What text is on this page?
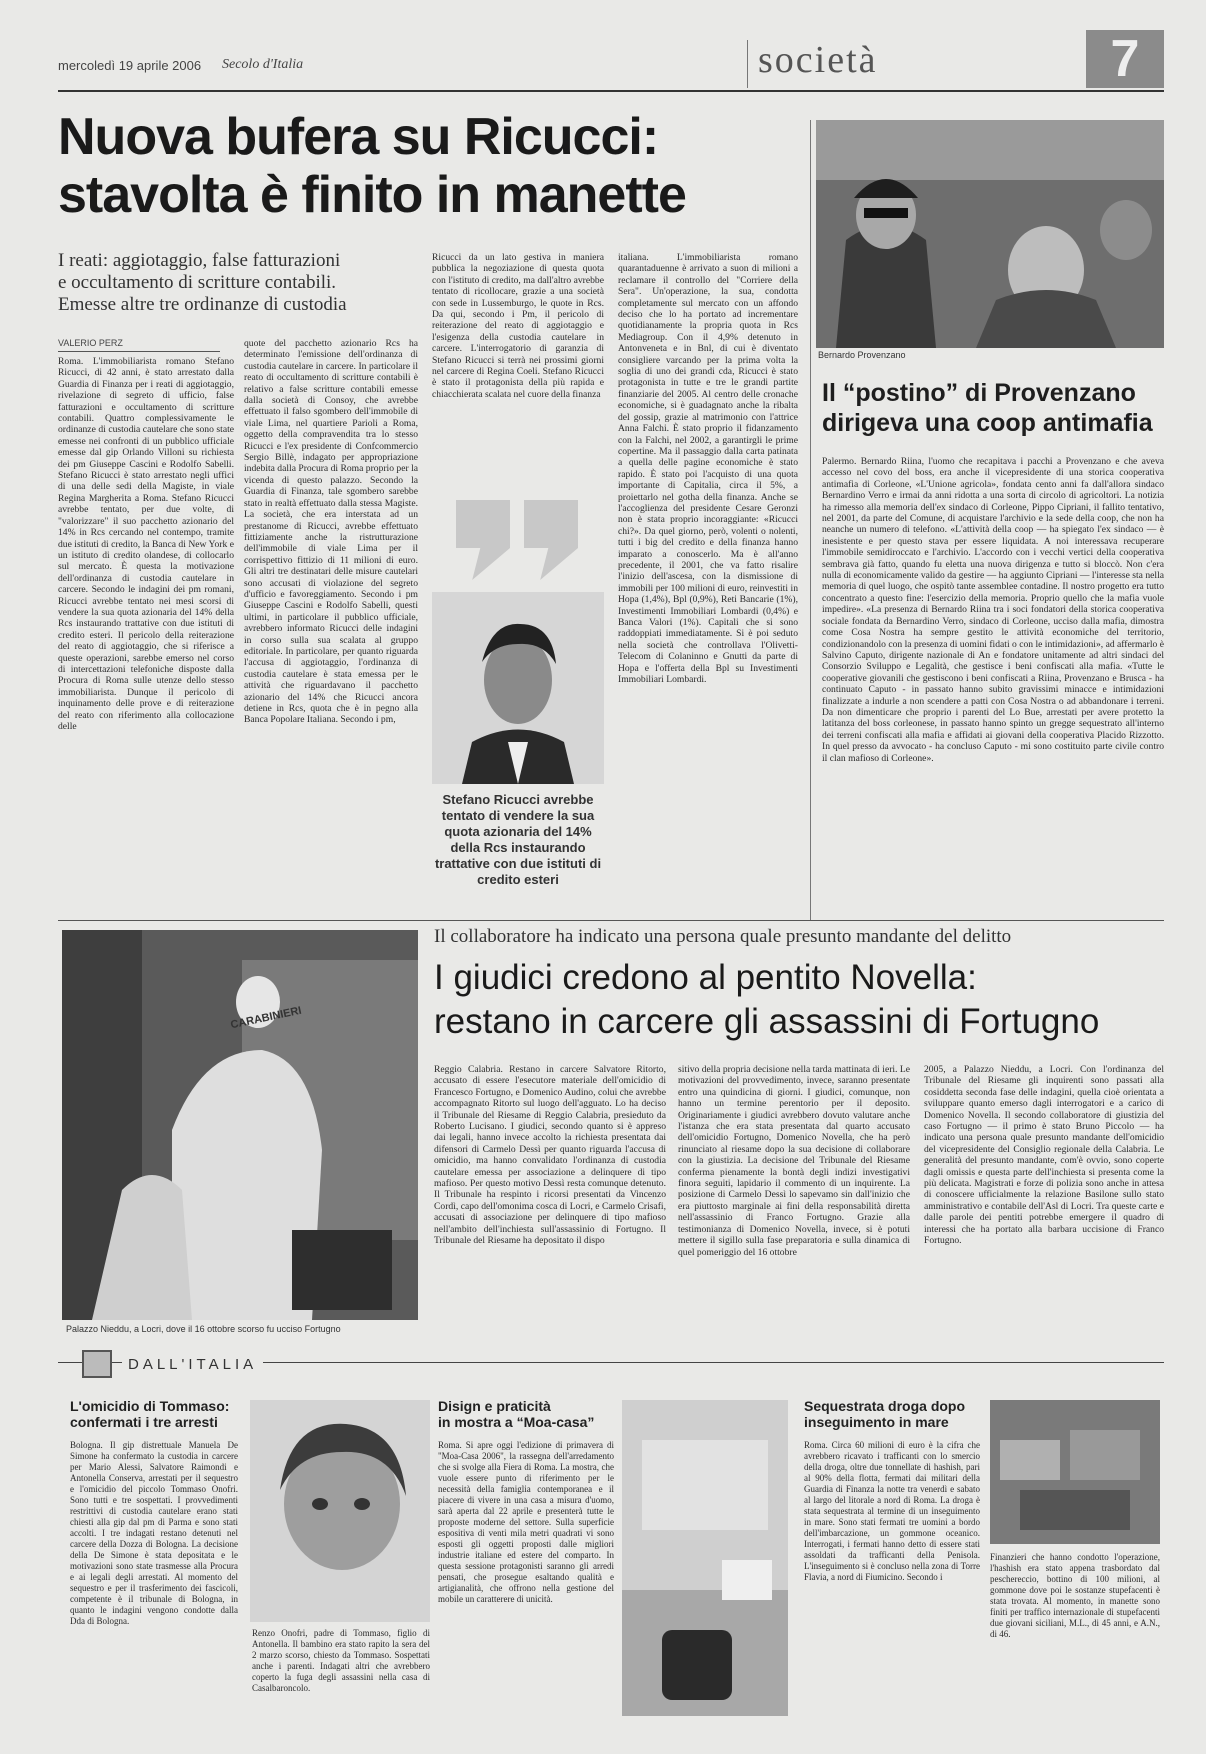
mercoledì 19 aprile 2006 Secolo d'Italia	società	7
Nuova bufera su Ricucci:
stavolta è finito in manette
I reati: aggiotaggio, false fatturazioni
e occultamento di scritture contabili.
Emesse altre tre ordinanze di custodia
VALERIO PERZ
Roma. L'immobiliarista romano Stefano Ricucci, di 42 anni, è stato arrestato dalla Guardia di Finanza per i reati di aggiotaggio, rivelazione di segreto di ufficio, false fatturazioni e occultamento di scritture contabili. Quattro complessivamente le ordinanze di custodia cautelare che sono state emesse nei confronti di un pubblico ufficiale emesse dal gip Orlando Villoni su richiesta dei pm Giuseppe Cascini e Rodolfo Sabelli. Stefano Ricucci è stato arrestato negli uffici di una delle sedi della Magiste, in viale Regina Margherita a Roma. Stefano Ricucci avrebbe tentato, per due volte, di "valorizzare" il suo pacchetto azionario del 14% in Rcs cercando nel contempo, tramite due istituti di credito, la Banca di New York e un istituto di credito olandese, di collocarlo sul mercato. È questa la motivazione dell'ordinanza di custodia cautelare in carcere. Secondo le indagini dei pm romani, Ricucci avrebbe tentato nei mesi scorsi di vendere la sua quota azionaria del 14% della Rcs instaurando trattative con due istituti di credito esteri. Il pericolo della reiterazione del reato di aggiotaggio, che si riferisce a queste operazioni, sarebbe emerso nel corso di intercettazioni telefoniche disposte dalla Procura di Roma sulle utenze dello stesso immobiliarista. Dunque il pericolo di inquinamento delle prove e di reiterazione del reato con riferimento alla collocazione delle
quote del pacchetto azionario Rcs ha determinato l'emissione dell'ordinanza di custodia cautelare in carcere. In particolare il reato di occultamento di scritture contabili è relativo a false scritture contabili emesse dalla società di Consoy, che avrebbe effettuato il falso sgombero dell'immobile di viale Lima, nel quartiere Parioli a Roma, oggetto della compravendita tra lo stesso Ricucci e l'ex presidente di Confcommercio Sergio Billè, indagato per appropriazione indebita dalla Procura di Roma proprio per la vicenda di questo palazzo. Secondo la Guardia di Finanza, tale sgombero sarebbe stato in realtà effettuato dalla stessa Magiste. La società, che era interstata ad un prestanome di Ricucci, avrebbe effettuato fittiziamente anche la ristrutturazione dell'immobile di viale Lima per il corrispettivo fittizio di 11 milioni di euro. Gli altri tre destinatari delle misure cautelari sono accusati di violazione del segreto d'ufficio e favoreggiamento. Secondo i pm Giuseppe Cascini e Rodolfo Sabelli, questi ultimi, in particolare il pubblico ufficiale, avrebbero informato Ricucci delle indagini in corso sulla sua scalata al gruppo editoriale. In particolare, per quanto riguarda l'accusa di aggiotaggio, l'ordinanza di custodia cautelare è stata emessa per le attività che riguardavano il pacchetto azionario del 14% che Ricucci ancora detiene in Rcs, quota che è in pegno alla Banca Popolare Italiana. Secondo i pm,
Ricucci da un lato gestiva in maniera pubblica la negoziazione di questa quota con l'istituto di credito, ma dall'altro avrebbe tentato di ricollocare, grazie a una società con sede in Lussemburgo, le quote in Rcs. Da qui, secondo i Pm, il pericolo di reiterazione del reato di aggiotaggio e l'esigenza della custodia cautelare in carcere. L'interrogatorio di garanzia di Stefano Ricucci si terrà nei prossimi giorni nel carcere di Regina Coeli. Stefano Ricucci è stato il protagonista della più rapida e chiacchierata scalata nel cuore della finanza
italiana. L'immobiliarista romano quarantaduenne è arrivato a suon di milioni a reclamare il controllo del "Corriere della Sera". Un'operazione, la sua, condotta completamente sul mercato con un affondo deciso che lo ha portato ad incrementare quotidianamente la propria quota in Rcs Mediagroup. Con il 4,9% detenuto in Antonveneta e in Bnl, di cui è diventato consigliere varcando per la prima volta la soglia di uno dei grandi cda, Ricucci è stato protagonista in tutte e tre le grandi partite finanziarie del 2005. Al centro delle cronache economiche, si è guadagnato anche la ribalta del gossip, grazie al matrimonio con l'attrice Anna Falchi. È stato proprio il fidanzamento con la Falchi, nel 2002, a garantirgli le prime copertine. Ma il passaggio dalla carta patinata a quella delle pagine economiche è stato rapido. È stato poi l'acquisto di una quota importante di Capitalia, circa il 5%, a proiettarlo nel gotha della finanza. Anche se l'accoglienza del presidente Cesare Geronzi non è stata proprio incoraggiante: «Ricucci chi?». Da quel giorno, però, volenti o nolenti, tutti i big del credito e della finanza hanno imparato a conoscerlo. Ma è all'anno precedente, il 2001, che va fatto risalire l'inizio dell'ascesa, con la dismissione di immobili per 100 milioni di euro, reinvestiti in Hopa (1,4%), Bpl (0,9%), Reti Bancarie (1%), Investimenti Immobiliari Lombardi (0,4%) e Banca Valori (1%). Capitali che si sono raddoppiati immediatamente. Si è poi seduto nella società che controllava l'Olivetti-Telecom di Colaninno e Gnutti da parte di Hopa e l'offerta della Bpl su Investimenti Immobiliari Lombardi.
Stefano Ricucci avrebbe tentato di vendere la sua quota azionaria del 14% della Rcs instaurando trattative con due istituti di credito esteri
Bernardo Provenzano
Il “postino” di Provenzano
dirigeva una coop antimafia
Palermo. Bernardo Riina, l'uomo che recapitava i pacchi a Provenzano e che aveva accesso nel covo del boss, era anche il vicepresidente di una storica cooperativa antimafia di Corleone, «L'Unione agricola», fondata cento anni fa dall'allora sindaco Bernardino Verro e irmai da anni ridotta a una sorta di circolo di agricoltori. La notizia ha rimesso alla memoria dell'ex sindaco di Corleone, Pippo Cipriani, il fallito tentativo, nel 2001, da parte del Comune, di acquistare l'archivio e la sede della coop, che non ha neanche un numero di telefono. «L'attività della coop — ha spiegato l'ex sindaco — è inesistente e per questo stava per essere liquidata. A noi interessava recuperare l'immobile semidiroccato e l'archivio. L'accordo con i vecchi vertici della cooperativa sembrava già fatto, quando fu eletta una nuova dirigenza e tutto si bloccò. Non c'era nulla di economicamente valido da gestire — ha aggiunto Cipriani — l'interesse sta nella memoria di quel luogo, che ospitò tante assemblee contadine. Il nostro progetto era tutto concentrato a questo fine: l'esercizio della memoria. Proprio quello che la mafia vuole impedire». «La presenza di Bernardo Riina tra i soci fondatori della storica cooperativa sociale fondata da Bernardino Verro, sindaco di Corleone, ucciso dalla mafia, dimostra come Cosa Nostra ha sempre gestito le attività economiche del territorio, condizionandolo con la presenza di uomini fidati o con le intimidazioni», ad affermarlo è Salvino Caputo, dirigente nazionale di An e fondatore unitamente ad altri sindaci del Consorzio Sviluppo e Legalità, che gestisce i beni confiscati alla mafia. «Tutte le cooperative giovanili che gestiscono i beni confiscati a Riina, Provenzano e Brusca - ha continuato Caputo - in passato hanno subito gravissimi minacce e intimidazioni finalizzate a indurle a non scendere a patti con Cosa Nostra o ad abbandonare i terreni. Da non dimenticare che proprio i parenti del Lo Bue, arrestati per avere protetto la latitanza del boss corleonese, in passato hanno spinto un gregge sequestrato all'interno dei terreni confiscati alla mafia e affidati ai giovani della cooperativa Placido Rizzotto. In quel presso da avvocato - ha concluso Caputo - mi sono costituito parte civile contro il clan mafioso di Corleone».
CARABINIERI
Palazzo Nieddu, a Locri, dove il 16 ottobre scorso fu ucciso Fortugno
Il collaboratore ha indicato una persona quale presunto mandante del delitto
I giudici credono al pentito Novella:
restano in carcere gli assassini di Fortugno
Reggio Calabria. Restano in carcere Salvatore Ritorto, accusato di essere l'esecutore materiale dell'omicidio di Francesco Fortugno, e Domenico Audino, colui che avrebbe accompagnato Ritorto sul luogo dell'agguato. Lo ha deciso il Tribunale del Riesame di Reggio Calabria, presieduto da Roberto Lucisano. I giudici, secondo quanto si è appreso dai legali, hanno invece accolto la richiesta presentata dai difensori di Carmelo Dessì per quanto riguarda l'accusa di omicidio, ma hanno convalidato l'ordinanza di custodia cautelare emessa per associazione a delinquere di tipo mafioso. Per questo motivo Dessì resta comunque detenuto. Il Tribunale ha respinto i ricorsi presentati da Vincenzo Cordì, capo dell'omonima cosca di Locri, e Carmelo Crisafi, accusati di associazione per delinquere di tipo mafioso nell'ambito dell'inchiesta sull'assassinio di Fortugno. Il Tribunale del Riesame ha depositato il dispo
sitivo della propria decisione nella tarda mattinata di ieri. Le motivazioni del provvedimento, invece, saranno presentate entro una quindicina di giorni. I giudici, comunque, non hanno un termine perentorio per il deposito. Originariamente i giudici avrebbero dovuto valutare anche l'istanza che era stata presentata dal quarto accusato dell'omicidio Fortugno, Domenico Novella, che ha però rinunciato al riesame dopo la sua decisione di collaborare con la giustizia. La decisione del Tribunale del Riesame conferma pienamente la bontà degli indizi investigativi finora seguiti, lapidario il commento di un inquirente. La posizione di Carmelo Dessì lo sapevamo sin dall'inizio che era piuttosto marginale ai fini della responsabilità diretta nell'assassinio di Franco Fortugno. Grazie alla testimonianza di Domenico Novella, invece, si è potuti mettere il sigillo sulla fase preparatoria e sulla dinamica di quel pomeriggio del 16 ottobre
2005, a Palazzo Nieddu, a Locri. Con l'ordinanza del Tribunale del Riesame gli inquirenti sono passati alla cosiddetta seconda fase delle indagini, quella cioè orientata a sviluppare quanto emerso dagli interrogatori e a carico di Domenico Novella. Il secondo collaboratore di giustizia del caso Fortugno — il primo è stato Bruno Piccolo — ha indicato una persona quale presunto mandante dell'omicidio del vicepresidente del Consiglio regionale della Calabria. Le generalità del presunto mandante, com'è ovvio, sono coperte dagli omissis e questa parte dell'inchiesta si presenta come la più delicata. Magistrati e forze di polizia sono anche in attesa di conoscere ufficialmente la relazione Basilone sullo stato amministrativo e contabile dell'Asl di Locri. Tra queste carte e dalle parole dei pentiti potrebbe emergere il quadro di interessi che ha portato alla barbara uccisione di Franco Fortugno.
DALL'ITALIA
L'omicidio di Tommaso:
confermati i tre arresti
Bologna. Il gip distrettuale Manuela De Simone ha confermato la custodia in carcere per Mario Alessi, Salvatore Raimondi e Antonella Conserva, arrestati per il sequestro e l'omicidio del piccolo Tommaso Onofri. Sono tutti e tre sospettati. I provvedimenti restrittivi di custodia cautelare erano stati chiesti alla gip dal pm di Parma e sono stati accolti. I tre indagati restano detenuti nel carcere della Dozza di Bologna. La decisione della De Simone è stata depositata e le motivazioni sono state trasmesse alla Procura e ai legali degli arrestati. Al momento del sequestro e per il trasferimento dei fascicoli, competente è il tribunale di Bologna, in quanto le indagini vengono condotte dalla Dda di Bologna.
Renzo Onofri, padre di Tommaso, figlio di Antonella. Il bambino era stato rapito la sera del 2 marzo scorso, chiesto da Tommaso. Sospettati anche i parenti. Indagati altri che avrebbero coperto la fuga degli assassini nella casa di Casalbaroncolo.
Disign e praticità
in mostra a “Moa-casa”
Roma. Si apre oggi l'edizione di primavera di "Moa-Casa 2006", la rassegna dell'arredamento che si svolge alla Fiera di Roma. La mostra, che vuole essere punto di riferimento per le necessità della famiglia contemporanea e il piacere di vivere in una casa a misura d'uomo, sarà aperta dal 22 aprile e presenterà tutte le proposte moderne del settore. Sulla superficie espositiva di venti mila metri quadrati vi sono esposti gli oggetti proposti dalle migliori industrie italiane ed estere del comparto. In questa sessione protagonisti saranno gli arredi pensati, che prosegue esaltando qualità e artigianalità, che offrono nella gestione del mobile un caratterere di unicità.
Sequestrata droga dopo
inseguimento in mare
Roma. Circa 60 milioni di euro è la cifra che avrebbero ricavato i trafficanti con lo smercio della droga, oltre due tonnellate di hashish, pari al 90% della flotta, fermati dai militari della Guardia di Finanza la notte tra venerdì e sabato al largo del litorale a nord di Roma. La droga è stata sequestrata al termine di un inseguimento in mare. Sono stati fermati tre uomini a bordo dell'imbarcazione, un gommone oceanico. Interrogati, i fermati hanno detto di essere stati assoldati da trafficanti della Penisola. L'inseguimento si è concluso nella zona di Torre Flavia, a nord di Fiumicino. Secondo i
Finanzieri che hanno condotto l'operazione, l'hashish era stato appena trasbordato dal peschereccio, bottino di 100 milioni, al gommone dove poi le sostanze stupefacenti è stata trovata. Al momento, in manette sono finiti per traffico internazionale di stupefacenti due giovani siciliani, M.L., di 45 anni, e A.N., di 46.
